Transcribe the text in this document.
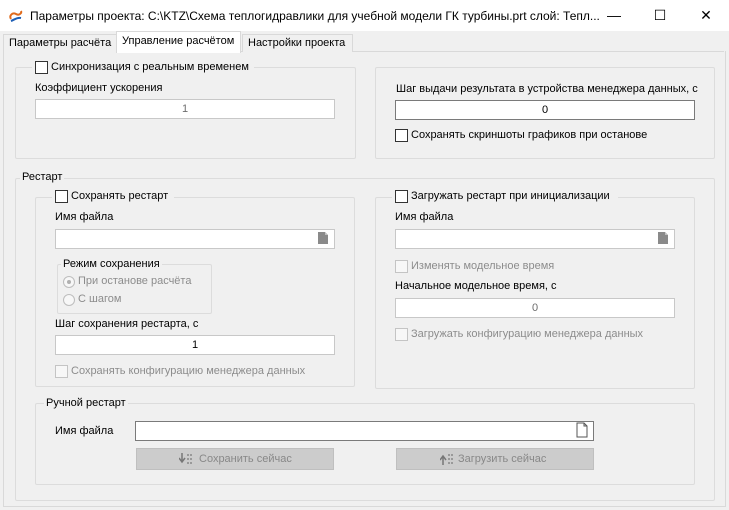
Параметры проекта: C:\KTZ\Схема теплогидравлики для учебной модели ГК турбины.prt слой: Тепл... —	☐	✕
Параметры расчёта Управление расчётом	Настройки проекта
Синхронизация с реальным временем
Коэффициент ускорения
1
Шаг выдачи результата в устройства менеджера данных, с
0
Сохранять скриншоты графиков при останове
Рестарт
Сохранять рестарт
Имя файла
Режим сохранения
При останове расчёта
С шагом
Шаг сохранения рестарта, с
1
Сохранять конфигурацию менеджера данных
Загружать рестарт при инициализации
Имя файла
Изменять модельное время
Начальное модельное время, с
0
Загружать конфигурацию менеджера данных
Ручной рестарт
Имя файла
Сохранить сейчас	Загрузить сейчас
